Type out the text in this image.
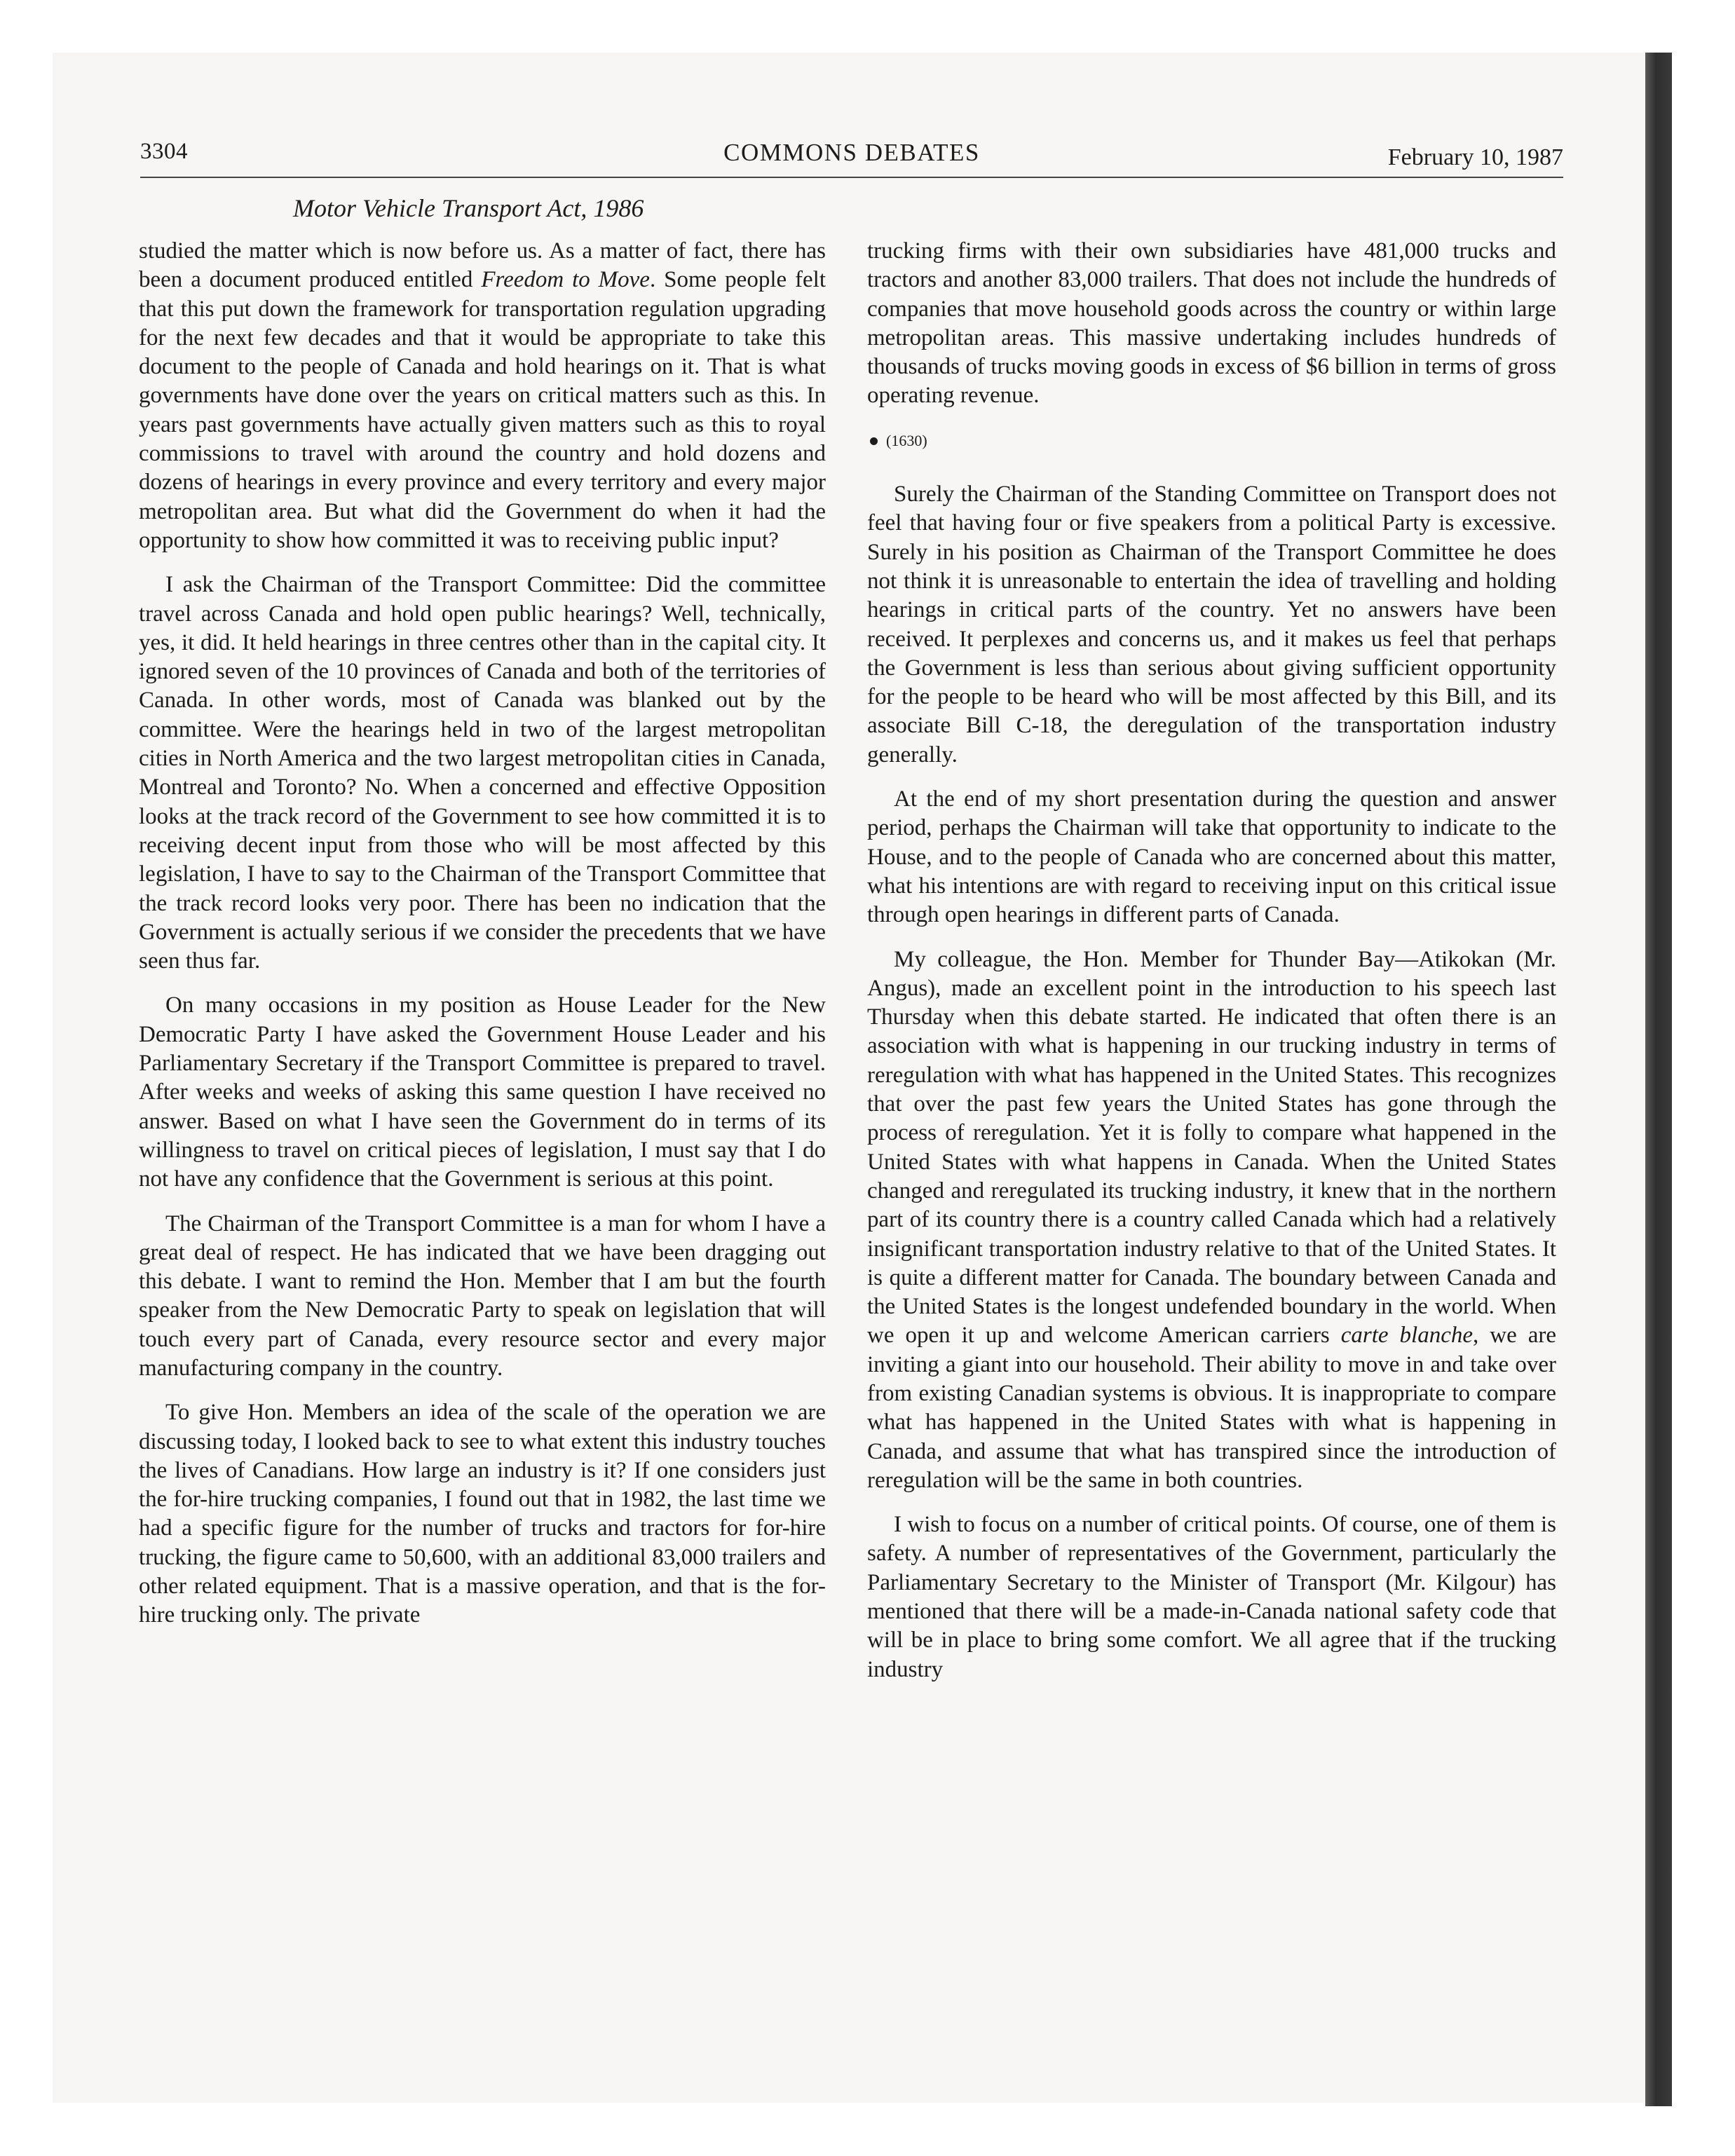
3304	COMMONS DEBATES	February 10, 1987
Motor Vehicle Transport Act, 1986

studied the matter which is now before us. As a matter of fact, there has been a document produced entitled Freedom to Move. Some people felt that this put down the framework for transportation regulation upgrading for the next few decades and that it would be appropriate to take this document to the people of Canada and hold hearings on it. That is what governments have done over the years on critical matters such as this. In years past governments have actually given matters such as this to royal commissions to travel with around the country and hold dozens and dozens of hearings in every province and every territory and every major metropolitan area. But what did the Government do when it had the opportunity to show how committed it was to receiving public input?

I ask the Chairman of the Transport Committee: Did the committee travel across Canada and hold open public hearings? Well, technically, yes, it did. It held hearings in three centres other than in the capital city. It ignored seven of the 10 provinces of Canada and both of the territories of Canada. In other words, most of Canada was blanked out by the committee. Were the hearings held in two of the largest metropolitan cities in North America and the two largest metropolitan cities in Canada, Montreal and Toronto? No. When a concerned and effective Opposition looks at the track record of the Government to see how committed it is to receiving decent input from those who will be most affected by this legislation, I have to say to the Chairman of the Transport Committee that the track record looks very poor. There has been no indication that the Government is actually serious if we consider the precedents that we have seen thus far.

On many occasions in my position as House Leader for the New Democratic Party I have asked the Government House Leader and his Parliamentary Secretary if the Transport Committee is prepared to travel. After weeks and weeks of asking this same question I have received no answer. Based on what I have seen the Government do in terms of its willingness to travel on critical pieces of legislation, I must say that I do not have any confidence that the Government is serious at this point.

The Chairman of the Transport Committee is a man for whom I have a great deal of respect. He has indicated that we have been dragging out this debate. I want to remind the Hon. Member that I am but the fourth speaker from the New Democratic Party to speak on legislation that will touch every part of Canada, every resource sector and every major manufacturing company in the country.

To give Hon. Members an idea of the scale of the operation we are discussing today, I looked back to see to what extent this industry touches the lives of Canadians. How large an industry is it? If one considers just the for-hire trucking companies, I found out that in 1982, the last time we had a specific figure for the number of trucks and tractors for for-hire trucking, the figure came to 50,600, with an additional 83,000 trailers and other related equipment. That is a massive operation, and that is the for-hire trucking only. The private

trucking firms with their own subsidiaries have 481,000 trucks and tractors and another 83,000 trailers. That does not include the hundreds of companies that move household goods across the country or within large metropolitan areas. This massive undertaking includes hundreds of thousands of trucks moving goods in excess of $6 billion in terms of gross operating revenue.

(1630)

Surely the Chairman of the Standing Committee on Transport does not feel that having four or five speakers from a political Party is excessive. Surely in his position as Chairman of the Transport Committee he does not think it is unreasonable to entertain the idea of travelling and holding hearings in critical parts of the country. Yet no answers have been received. It perplexes and concerns us, and it makes us feel that perhaps the Government is less than serious about giving sufficient opportunity for the people to be heard who will be most affected by this Bill, and its associate Bill C-18, the deregulation of the transportation industry generally.

At the end of my short presentation during the question and answer period, perhaps the Chairman will take that opportunity to indicate to the House, and to the people of Canada who are concerned about this matter, what his intentions are with regard to receiving input on this critical issue through open hearings in different parts of Canada.

My colleague, the Hon. Member for Thunder Bay—Atikokan (Mr. Angus), made an excellent point in the introduction to his speech last Thursday when this debate started. He indicated that often there is an association with what is happening in our trucking industry in terms of reregulation with what has happened in the United States. This recognizes that over the past few years the United States has gone through the process of reregulation. Yet it is folly to compare what happened in the United States with what happens in Canada. When the United States changed and reregulated its trucking industry, it knew that in the northern part of its country there is a country called Canada which had a relatively insignificant transportation industry relative to that of the United States. It is quite a different matter for Canada. The boundary between Canada and the United States is the longest undefended boundary in the world. When we open it up and welcome American carriers carte blanche, we are inviting a giant into our household. Their ability to move in and take over from existing Canadian systems is obvious. It is inappropriate to compare what has happened in the United States with what is happening in Canada, and assume that what has transpired since the introduction of reregulation will be the same in both countries.

I wish to focus on a number of critical points. Of course, one of them is safety. A number of representatives of the Government, particularly the Parliamentary Secretary to the Minister of Transport (Mr. Kilgour) has mentioned that there will be a made-in-Canada national safety code that will be in place to bring some comfort. We all agree that if the trucking industry
